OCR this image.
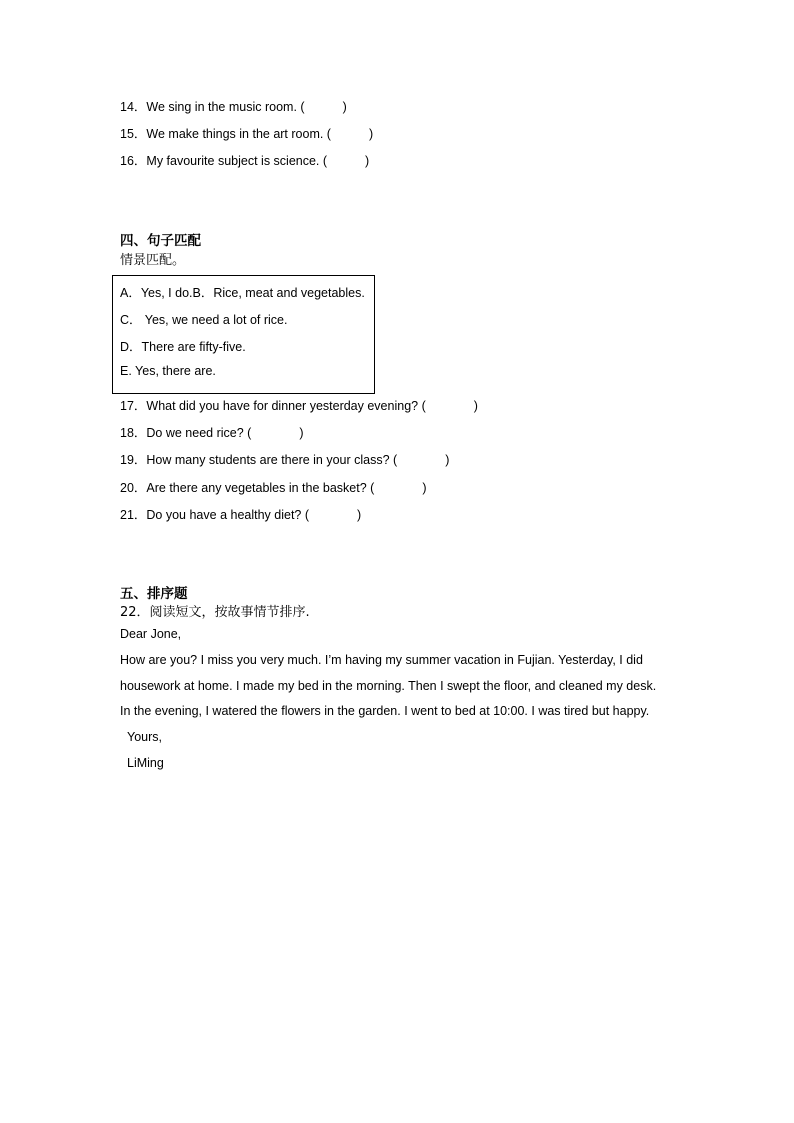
14．We sing in the music room. (	)
15．We make things in the art room. (	)
16．My favourite subject is science. (	)
四、句子匹配
情景匹配。
A．Yes, I do.B．Rice, meat and vegetables.
C． Yes, we need a lot of rice.
D．There are fifty-five.
E. Yes, there are.
17．What did you have for dinner yesterday evening? (	)
18．Do we need rice? (	)
19．How many students are there in your class? (	)
20．Are there any vegetables in the basket? (	)
21．Do you have a healthy diet? (	)
五、排序题
22．阅读短文，按故事情节排序.
Dear Jone,
How are you? I miss you very much. I’m having my summer vacation in Fujian. Yesterday, I did
housework at home. I made my bed in the morning. Then I swept the floor, and cleaned my desk.
In the evening, I watered the flowers in the garden. I went to bed at 10:00. I was tired but happy.
Yours,
LiMing
